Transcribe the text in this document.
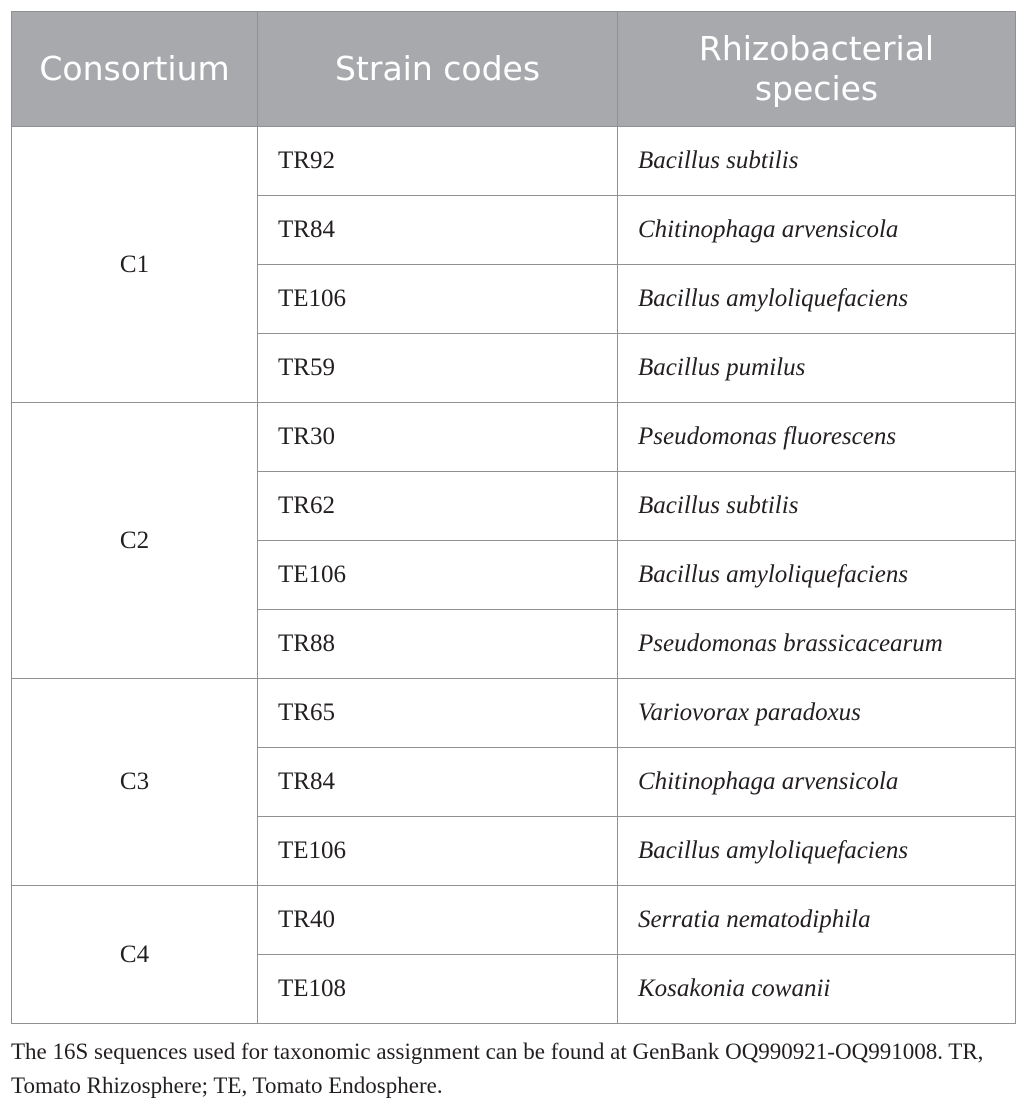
Consortium	Strain codes	Rhizobacterial
species
C1	TR92	Bacillus subtilis
	TR84	Chitinophaga arvensicola
	TE106	Bacillus amyloliquefaciens
	TR59	Bacillus pumilus
C2	TR30	Pseudomonas fluorescens
	TR62	Bacillus subtilis
	TE106	Bacillus amyloliquefaciens
	TR88	Pseudomonas brassicacearum
C3	TR65	Variovorax paradoxus
	TR84	Chitinophaga arvensicola
	TE106	Bacillus amyloliquefaciens
C4	TR40	Serratia nematodiphila
	TE108	Kosakonia cowanii

The 16S sequences used for taxonomic assignment can be found at GenBank OQ990921-OQ991008. TR, Tomato Rhizosphere; TE, Tomato Endosphere.
